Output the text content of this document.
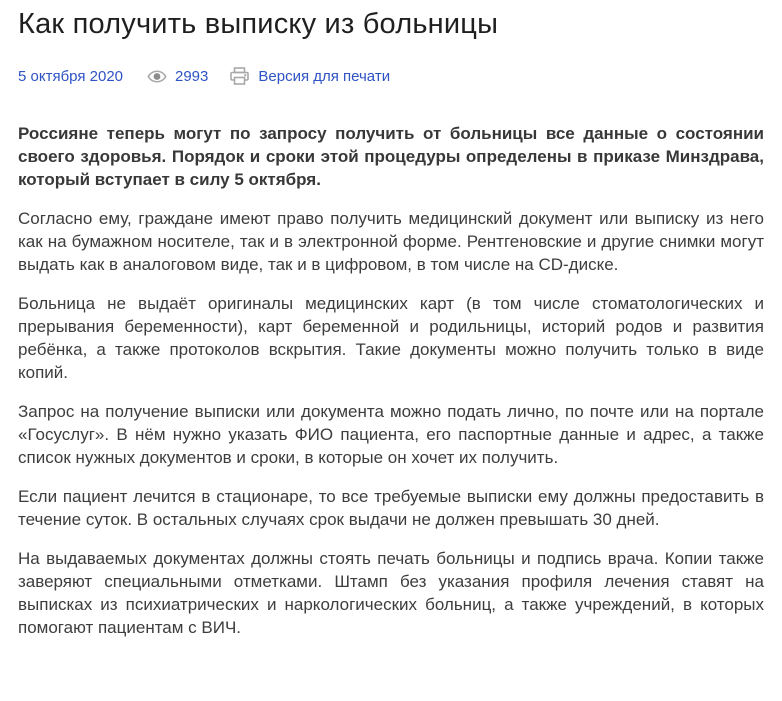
Как получить выписку из больницы
5 октября 2020	2993	Версия для печати

Россияне теперь могут по запросу получить от больницы все данные о состоянии своего здоровья. Порядок и сроки этой процедуры определены в приказе Минздрава, который вступает в силу 5 октября.

Согласно ему, граждане имеют право получить медицинский документ или выписку из него как на бумажном носителе, так и в электронной форме. Рентгеновские и другие снимки могут выдать как в аналоговом виде, так и в цифровом, в том числе на CD-диске.

Больница не выдаёт оригиналы медицинских карт (в том числе стоматологических и прерывания беременности), карт беременной и родильницы, историй родов и развития ребёнка, а также протоколов вскрытия. Такие документы можно получить только в виде копий.

Запрос на получение выписки или документа можно подать лично, по почте или на портале «Госуслуг». В нём нужно указать ФИО пациента, его паспортные данные и адрес, а также список нужных документов и сроки, в которые он хочет их получить.

Если пациент лечится в стационаре, то все требуемые выписки ему должны предоставить в течение суток. В остальных случаях срок выдачи не должен превышать 30 дней.

На выдаваемых документах должны стоять печать больницы и подпись врача. Копии также заверяют специальными отметками. Штамп без указания профиля лечения ставят на выписках из психиатрических и наркологических больниц, а также учреждений, в которых помогают пациентам с ВИЧ.
